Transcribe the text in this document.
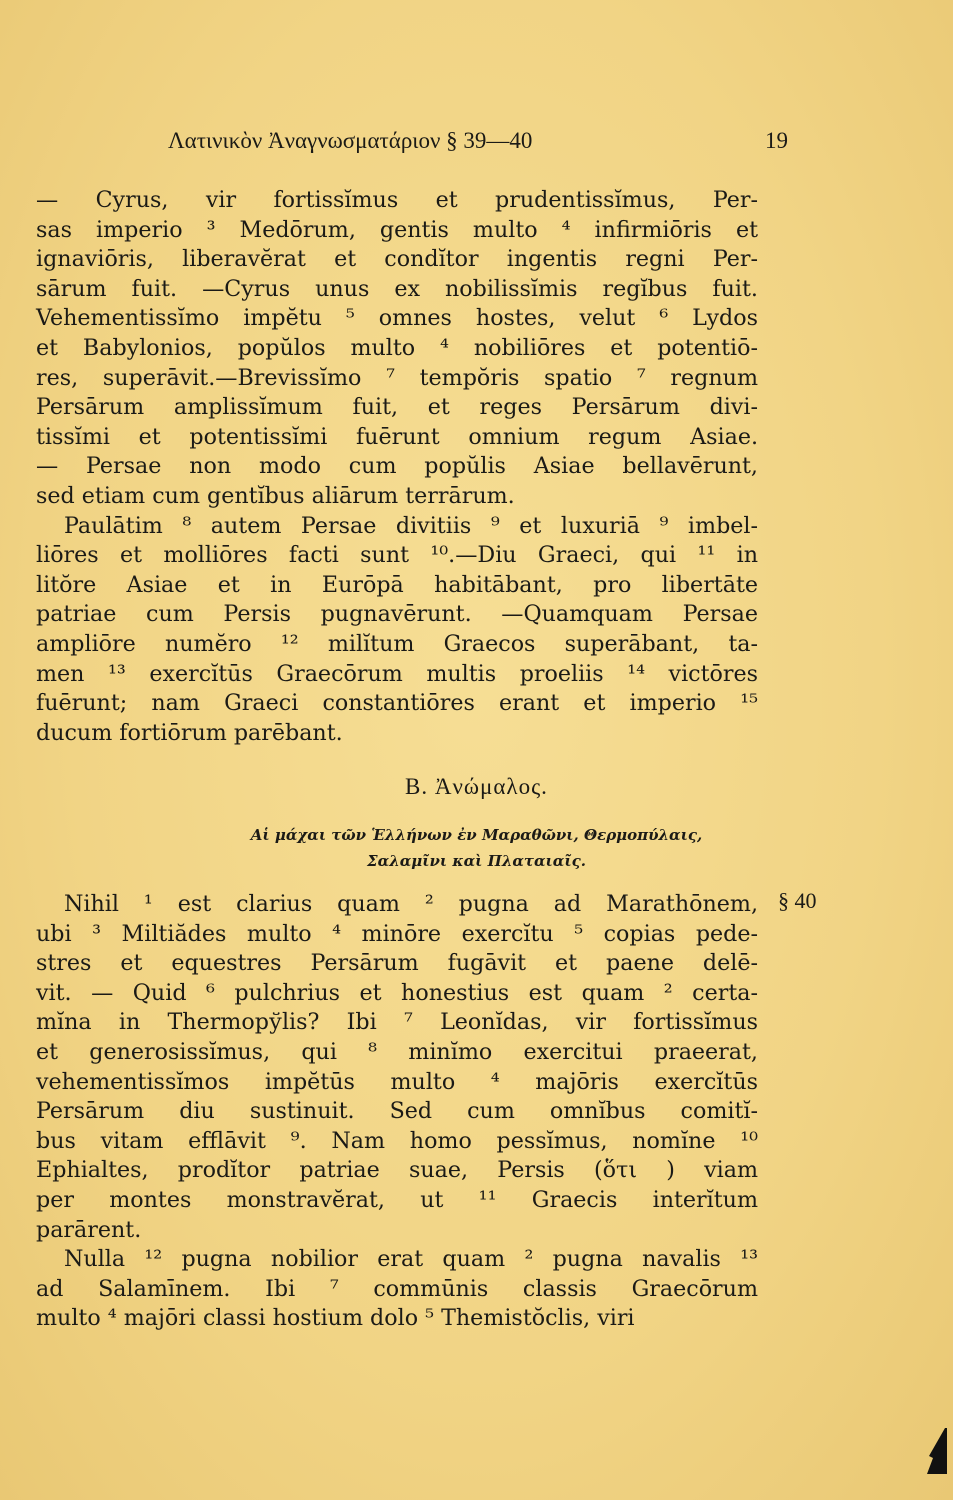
Λατινικὸν Ἀναγνωσματάριον § 39—40	19
— Cyrus, vir fortissĭmus et prudentissĭmus, Per-
sas imperio ³ Medōrum, gentis multo ⁴ infirmiōris et
ignaviōris, liberavĕrat et condĭtor ingentis regni Per-
sārum fuit. —Cyrus unus ex nobilissĭmis regĭbus fuit.
Vehementissĭmo impĕtu ⁵ omnes hostes, velut ⁶ Lydos
et Babylonios, popŭlos multo ⁴ nobiliōres et potentiō-
res, superāvit.—Brevissĭmo ⁷ tempŏris spatio ⁷ regnum
Persārum amplissĭmum fuit, et reges Persārum divi-
tissĭmi et potentissĭmi fuērunt omnium regum Asiae.
— Persae non modo cum popŭlis Asiae bellavērunt,
sed etiam cum gentĭbus aliārum terrārum.
Paulātim ⁸ autem Persae divitiis ⁹ et luxuriā ⁹ imbel-
liōres et molliōres facti sunt ¹⁰.—Diu Graeci, qui ¹¹ in
litŏre Asiae et in Eurōpā habitābant, pro libertāte
patriae cum Persis pugnavērunt. —Quamquam Persae
ampliōre numĕro ¹² milĭtum Graecos superābant, ta-
men ¹³ exercĭtūs Graecōrum multis proeliis ¹⁴ victōres
fuērunt; nam Graeci constantiōres erant et imperio ¹⁵
ducum fortiōrum parēbant.
B. Ἀνώμαλος.
Αἱ μάχαι τῶν Ἑλλήνων ἐν Μαραθῶνι, Θερμοπύλαις,
Σαλαμῖνι καὶ Πλαταιαῖς.
§ 40
Nihil ¹ est clarius quam ² pugna ad Marathōnem,
ubi ³ Miltiădes multo ⁴ minōre exercĭtu ⁵ copias pede-
stres et equestres Persārum fugāvit et paene delē-
vit. — Quid ⁶ pulchrius et honestius est quam ² certa-
mĭna in Thermopўlis? Ibi ⁷ Leonĭdas, vir fortissĭmus
et generosissĭmus, qui ⁸ minĭmo exercitui praeerat,
vehementissĭmos impĕtūs multo ⁴ majōris exercĭtūs
Persārum diu sustinuit. Sed cum omnĭbus comitĭ-
bus vitam efflāvit ⁹. Nam homo pessĭmus, nomĭne ¹⁰
Ephialtes, prodĭtor patriae suae, Persis (ὅτι ) viam
per montes monstravĕrat, ut ¹¹ Graecis interĭtum
parārent.
Nulla ¹² pugna nobilior erat quam ² pugna navalis ¹³
ad Salamīnem. Ibi ⁷ commūnis classis Graecōrum
multo ⁴ majōri classi hostium dolo ⁵ Themistŏclis, viri
